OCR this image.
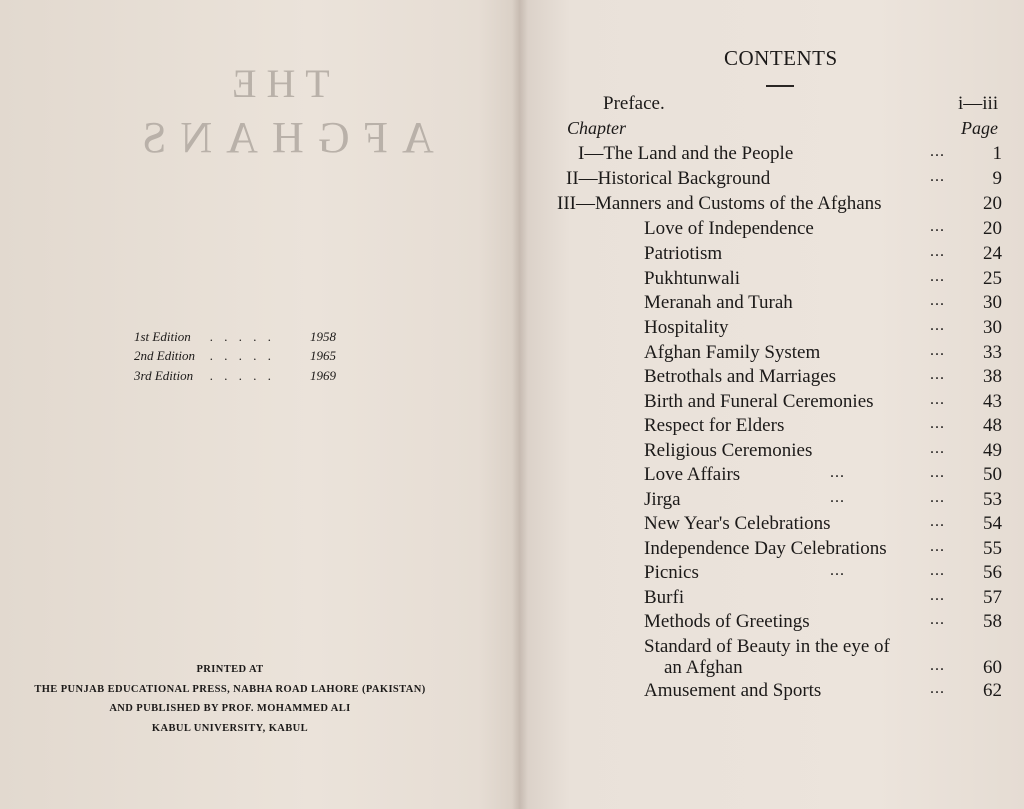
THE
AFGHANS
1st Edition	. . . . .	1958
2nd Edition	. . . . .	1965
3rd Edition	. . . . .	1969
PRINTED AT
THE PUNJAB EDUCATIONAL PRESS, NABHA ROAD LAHORE (PAKISTAN)
AND PUBLISHED BY PROF. MOHAMMED ALI
KABUL UNIVERSITY, KABUL
CONTENTS
Preface.	i—iii
Chapter	Page
I—The Land and the People	...	1
II—Historical Background	...	9
III—Manners and Customs of the Afghans	20
Love of Independence	...	20
Patriotism	...	24
Pukhtunwali	...	25
Meranah and Turah	...	30
Hospitality	...	30
Afghan Family System	...	33
Betrothals and Marriages	...	38
Birth and Funeral Ceremonies	...	43
Respect for Elders	...	48
Religious Ceremonies	...	49
Love Affairs	...	...	50
Jirga	...	...	53
New Year's Celebrations	...	54
Independence Day Celebrations	...	55
Picnics	...	...	56
Burfi	...	57
Methods of Greetings	...	58
Standard of Beauty in the eye of
an Afghan	...	60
Amusement and Sports	...	62
